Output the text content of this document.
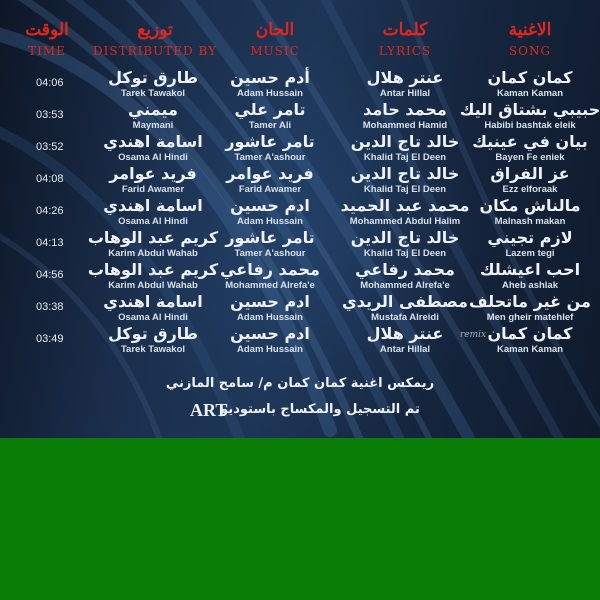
الاغنية
SONG
كلمات
LYRICS
الحان
MUSIC
توزيع
DISTRIBUTED BY
الوقت
TIME
كمان كمان
Kaman Kaman
عنتر هلال
Antar Hillal
أدم حسين
Adam Hussain
طارق توكل
Tarek Tawakol
04:06
حبيبي بشتاق اليك
Habibi bashtak eleik
محمد حامد
Mohammed Hamid
تامر علي
Tamer Ali
ميمني
Maymani
03:53
بيان في عينيك
Bayen Fe eniek
خالد تاج الدين
Khalid Taj El Deen
تامر عاشور
Tamer A'ashour
اسامة اهندي
Osama Al Hindi
03:52
عز الفراق
Ezz elforaak
خالد تاج الدين
Khalid Taj El Deen
فريد عوامر
Farid Awamer
فريد عوامر
Farid Awamer
04:08
مالناش مكان
Malnash makan
محمد عبد الحميد
Mohammed Abdul Halim
ادم حسين
Adam Hussain
اسامة اهندي
Osama Al Hindi
04:26
لازم تجيني
Lazem tegi
خالد تاج الدين
Khalid Taj El Deen
تامر عاشور
Tamer A'ashour
كريم عبد الوهاب
Karim Abdul Wahab
04:13
احب اعيشلك
Aheb ashlak
محمد رفاعي
Mohammed Alrefa'e
محمد رفاعي
Mohammed Alrefa'e
كريم عبد الوهاب
Karim Abdul Wahab
04:56
من غير ماتحلف
Men gheir matehlef
مصطفى الريدي
Mustafa Alreidi
ادم حسين
Adam Hussain
اسامة اهندي
Osama Al Hindi
03:38
كمان كمان
Kaman Kaman
remix
عنتر هلال
Antar Hillal
ادم حسين
Adam Hussain
طارق توكل
Tarek Tawakol
03:49
ريمكس اغنية كمان كمان م/ سامح المازني
تم التسجيل والمكساج باستوديو
ART
